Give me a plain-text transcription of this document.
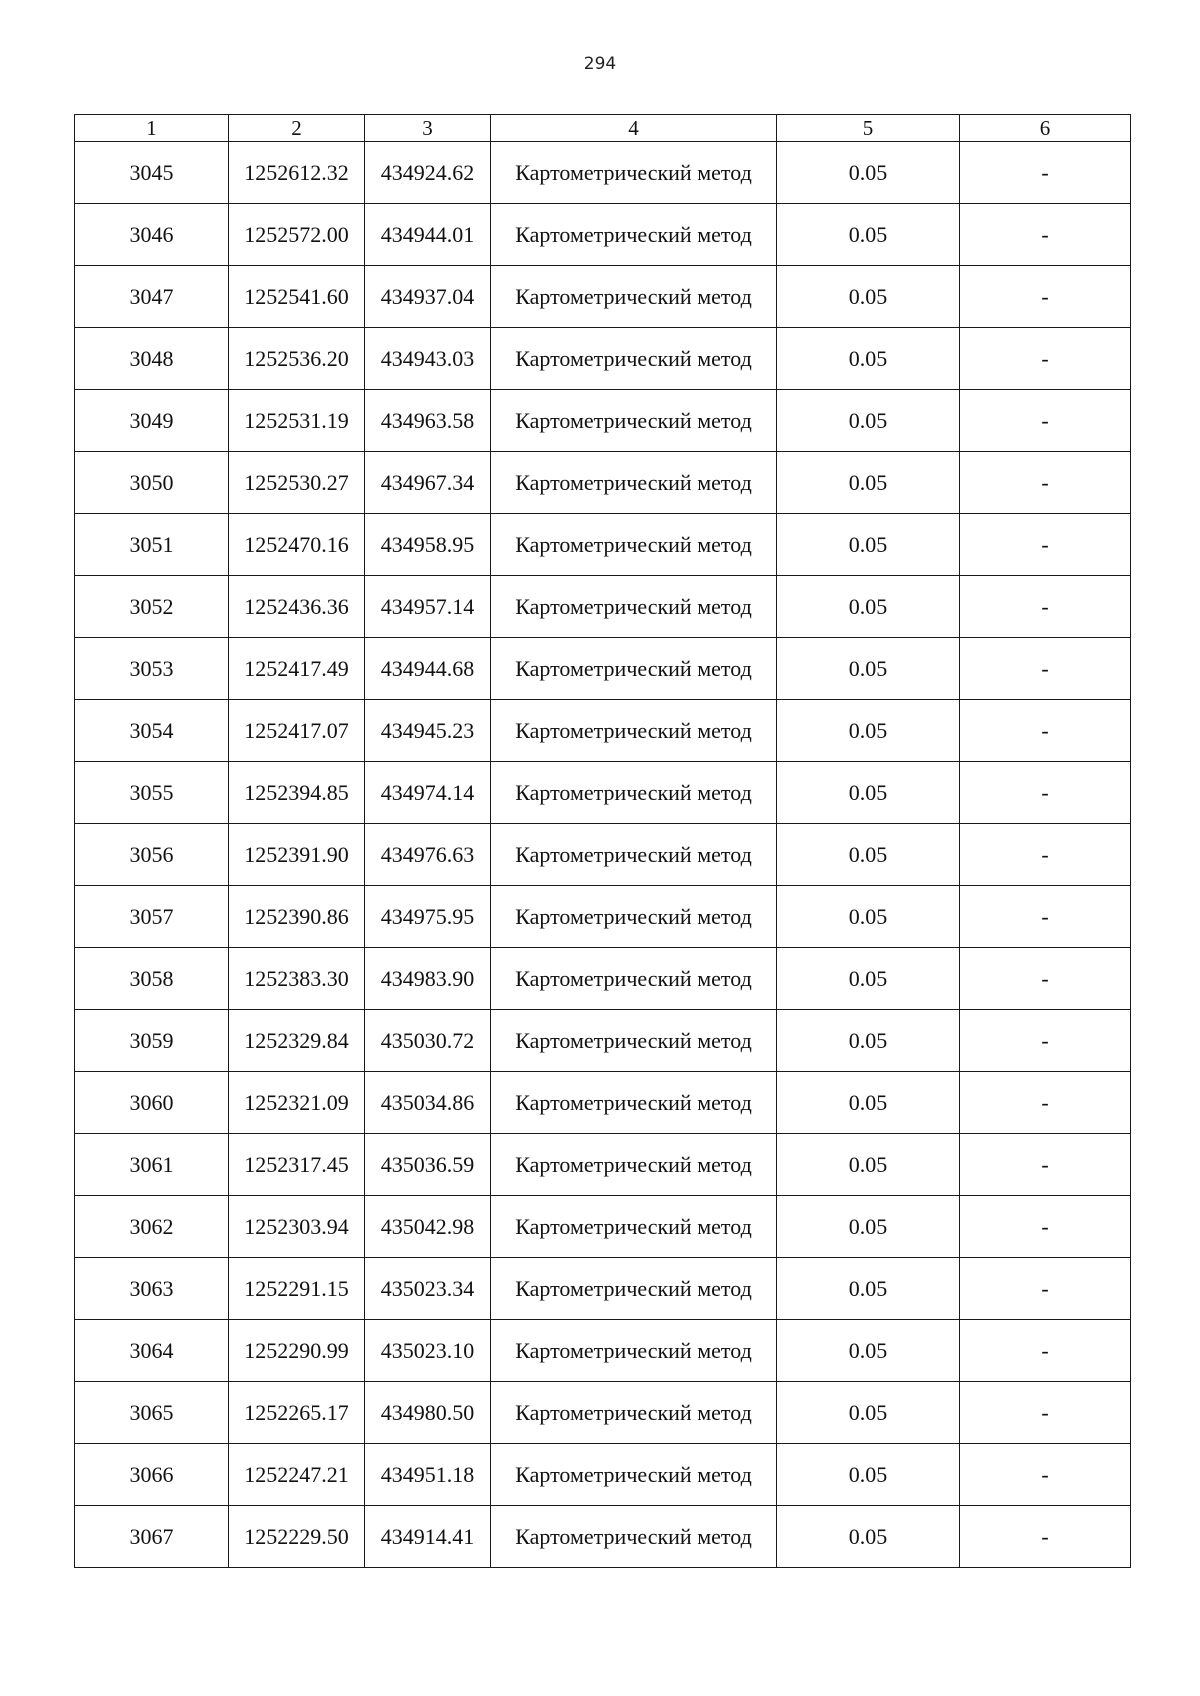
294
1	2	3	4	5	6
3045	1252612.32	434924.62	Картометрический метод	0.05	-
3046	1252572.00	434944.01	Картометрический метод	0.05	-
3047	1252541.60	434937.04	Картометрический метод	0.05	-
3048	1252536.20	434943.03	Картометрический метод	0.05	-
3049	1252531.19	434963.58	Картометрический метод	0.05	-
3050	1252530.27	434967.34	Картометрический метод	0.05	-
3051	1252470.16	434958.95	Картометрический метод	0.05	-
3052	1252436.36	434957.14	Картометрический метод	0.05	-
3053	1252417.49	434944.68	Картометрический метод	0.05	-
3054	1252417.07	434945.23	Картометрический метод	0.05	-
3055	1252394.85	434974.14	Картометрический метод	0.05	-
3056	1252391.90	434976.63	Картометрический метод	0.05	-
3057	1252390.86	434975.95	Картометрический метод	0.05	-
3058	1252383.30	434983.90	Картометрический метод	0.05	-
3059	1252329.84	435030.72	Картометрический метод	0.05	-
3060	1252321.09	435034.86	Картометрический метод	0.05	-
3061	1252317.45	435036.59	Картометрический метод	0.05	-
3062	1252303.94	435042.98	Картометрический метод	0.05	-
3063	1252291.15	435023.34	Картометрический метод	0.05	-
3064	1252290.99	435023.10	Картометрический метод	0.05	-
3065	1252265.17	434980.50	Картометрический метод	0.05	-
3066	1252247.21	434951.18	Картометрический метод	0.05	-
3067	1252229.50	434914.41	Картометрический метод	0.05	-
